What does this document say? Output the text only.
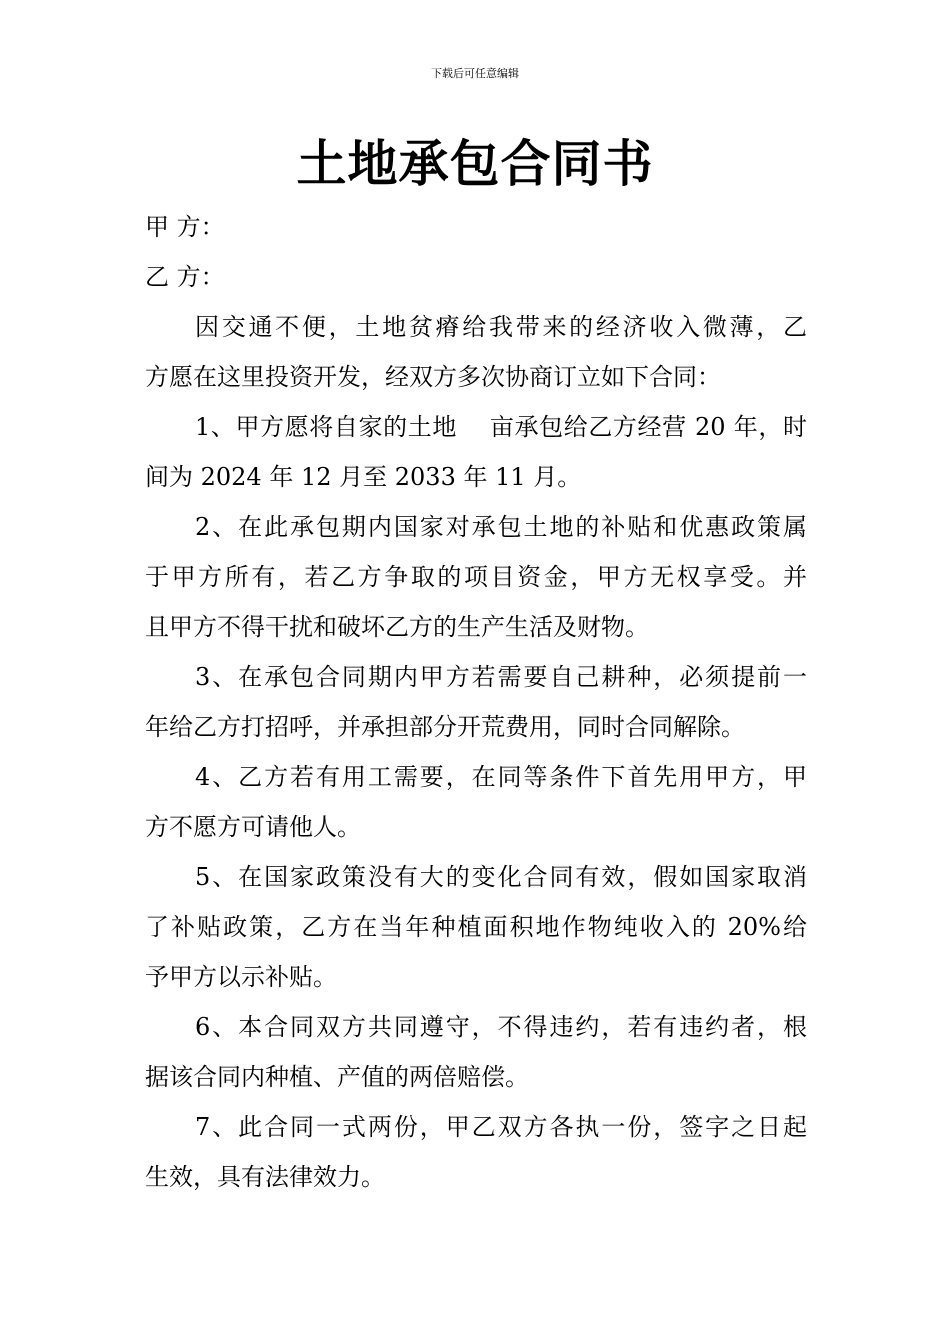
下载后可任意编辑
土地承包合同书
甲 方：
乙 方：
因交通不便，土地贫瘠给我带来的经济收入微薄，乙
方愿在这里投资开发，经双方多次协商订立如下合同：
1、甲方愿将自家的土地    亩承包给乙方经营 20 年，时
间为 2024 年 12 月至 2033 年 11 月。
2、在此承包期内国家对承包土地的补贴和优惠政策属
于甲方所有，若乙方争取的项目资金，甲方无权享受。并
且甲方不得干扰和破坏乙方的生产生活及财物。
3、在承包合同期内甲方若需要自己耕种，必须提前一
年给乙方打招呼，并承担部分开荒费用，同时合同解除。
4、乙方若有用工需要，在同等条件下首先用甲方，甲
方不愿方可请他人。
5、在国家政策没有大的变化合同有效，假如国家取消
了补贴政策，乙方在当年种植面积地作物纯收入的 20%给
予甲方以示补贴。
6、本合同双方共同遵守，不得违约，若有违约者，根
据该合同内种植、产值的两倍赔偿。
7、此合同一式两份，甲乙双方各执一份，签字之日起
生效，具有法律效力。
